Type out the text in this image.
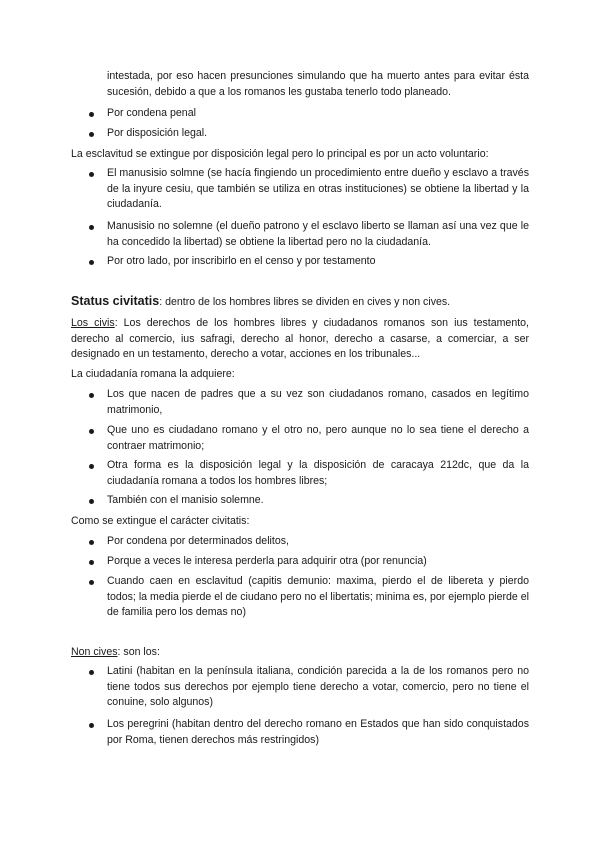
intestada, por eso hacen presunciones simulando que ha muerto antes para evitar ésta sucesión, debido a que a los romanos les gustaba tenerlo todo planeado.

Por condena penal

Por disposición legal.

La esclavitud se extingue por disposición legal pero lo principal es por un acto voluntario:

El manusisio solmne (se hacía fingiendo un procedimiento entre dueño y esclavo a través de la inyure cesiu, que también se utiliza en otras instituciones) se obtiene la libertad y la ciudadanía.

Manusisio no solemne (el dueño patrono y el esclavo liberto se llaman así una vez que le ha concedido la libertad) se obtiene la libertad pero no la ciudadanía.

Por otro lado, por inscribirlo en el censo y por testamento

Status civitatis: dentro de los hombres libres se dividen en cives y non cives.

Los civis: Los derechos de los hombres libres y ciudadanos romanos son ius testamento, derecho al comercio, ius safragi, derecho al honor, derecho a casarse, a comerciar, a ser designado en un testamento, derecho a votar, acciones en los tribunales...

La ciudadanía romana la adquiere:

Los que nacen de padres que a su vez son ciudadanos romano, casados en legítimo matrimonio,

Que uno es ciudadano romano y el otro no, pero aunque no lo sea tiene el derecho a contraer matrimonio;

Otra forma es la disposición legal y la disposición de caracaya 212dc, que da la ciudadanía romana a todos los hombres libres;

También con el manisio solemne.

Como se extingue el carácter civitatis:

Por condena por determinados delitos,

Porque a veces le interesa perderla para adquirir otra (por renuncia)

Cuando caen en esclavitud (capitis demunio: maxima, pierdo el de libereta y pierdo todos; la media pierde el de ciudano pero no el libertatis; minima es, por ejemplo pierde el de familia pero los demas no)

Non cives: son los:

Latini (habitan en la península italiana, condición parecida a la de los romanos pero no tiene todos sus derechos por ejemplo tiene derecho a votar, comercio, pero no tiene el conuine, solo algunos)

Los peregrini (habitan dentro del derecho romano en Estados que han sido conquistados por Roma, tienen derechos más restringidos)
